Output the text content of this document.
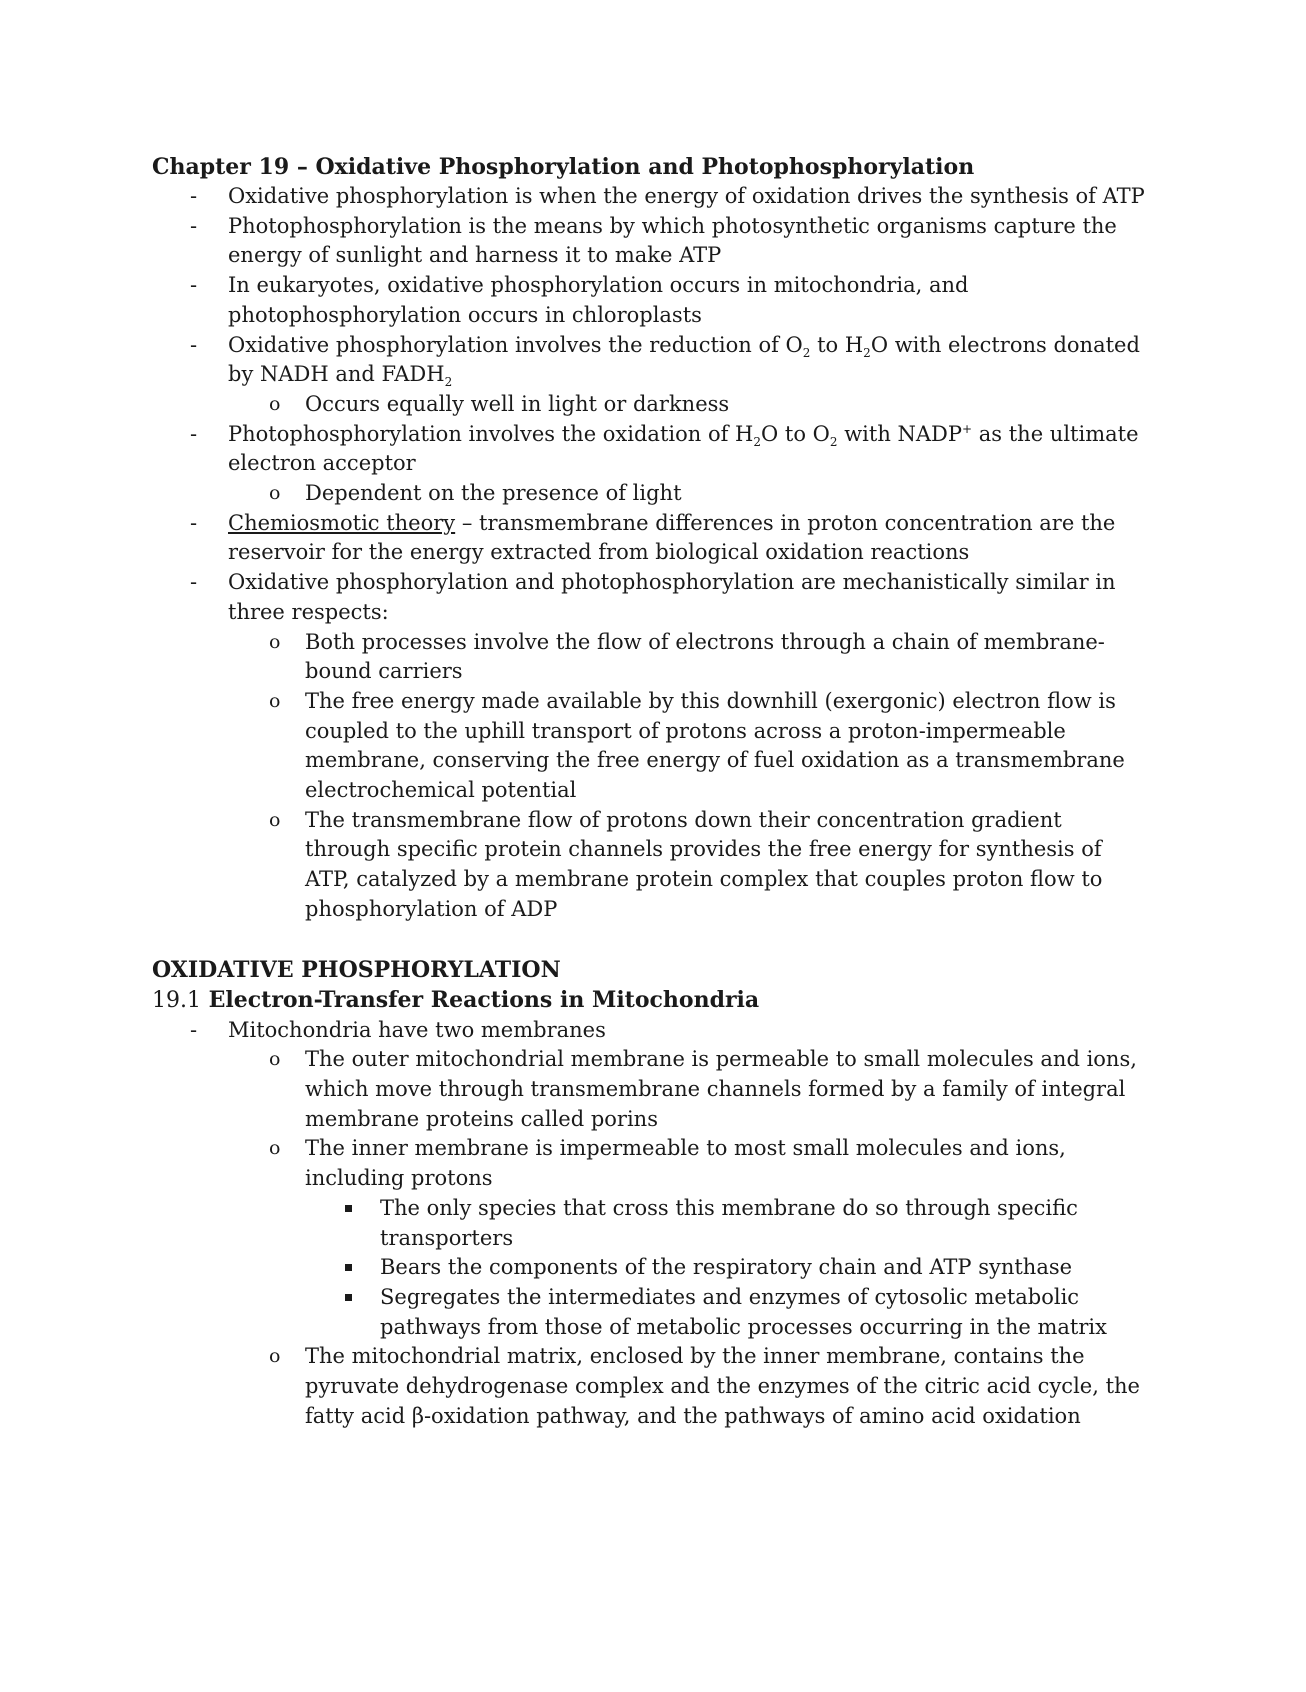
Chapter 19 – Oxidative Phosphorylation and Photophosphorylation

- Oxidative phosphorylation is when the energy of oxidation drives the synthesis of ATP
- Photophosphorylation is the means by which photosynthetic organisms capture the energy of sunlight and harness it to make ATP
- In eukaryotes, oxidative phosphorylation occurs in mitochondria, and photophosphorylation occurs in chloroplasts
- Oxidative phosphorylation involves the reduction of $O_2$ to $H_2O$ with electrons donated by NADH and $FADH_2$
o Occurs equally well in light or darkness
- Photophosphorylation involves the oxidation of $H_2O$ to $O_2$ with NADP+ as the ultimate electron acceptor
o Dependent on the presence of light
- Chemiosmotic theory – transmembrane differences in proton concentration are the reservoir for the energy extracted from biological oxidation reactions
- Oxidative phosphorylation and photophosphorylation are mechanistically similar in three respects:
o Both processes involve the flow of electrons through a chain of membrane-bound carriers
o The free energy made available by this downhill (exergonic) electron flow is coupled to the uphill transport of protons across a proton-impermeable membrane, conserving the free energy of fuel oxidation as a transmembrane electrochemical potential
o The transmembrane flow of protons down their concentration gradient through specific protein channels provides the free energy for synthesis of ATP, catalyzed by a membrane protein complex that couples proton flow to phosphorylation of ADP

OXIDATIVE PHOSPHORYLATION

19.1 Electron-Transfer Reactions in Mitochondria

- Mitochondria have two membranes
o The outer mitochondrial membrane is permeable to small molecules and ions, which move through transmembrane channels formed by a family of integral membrane proteins called porins
o The inner membrane is impermeable to most small molecules and ions, including protons
The only species that cross this membrane do so through specific transporters
Bears the components of the respiratory chain and ATP synthase
Segregates the intermediates and enzymes of cytosolic metabolic pathways from those of metabolic processes occurring in the matrix
o The mitochondrial matrix, enclosed by the inner membrane, contains the pyruvate dehydrogenase complex and the enzymes of the citric acid cycle, the fatty acid β-oxidation pathway, and the pathways of amino acid oxidation
